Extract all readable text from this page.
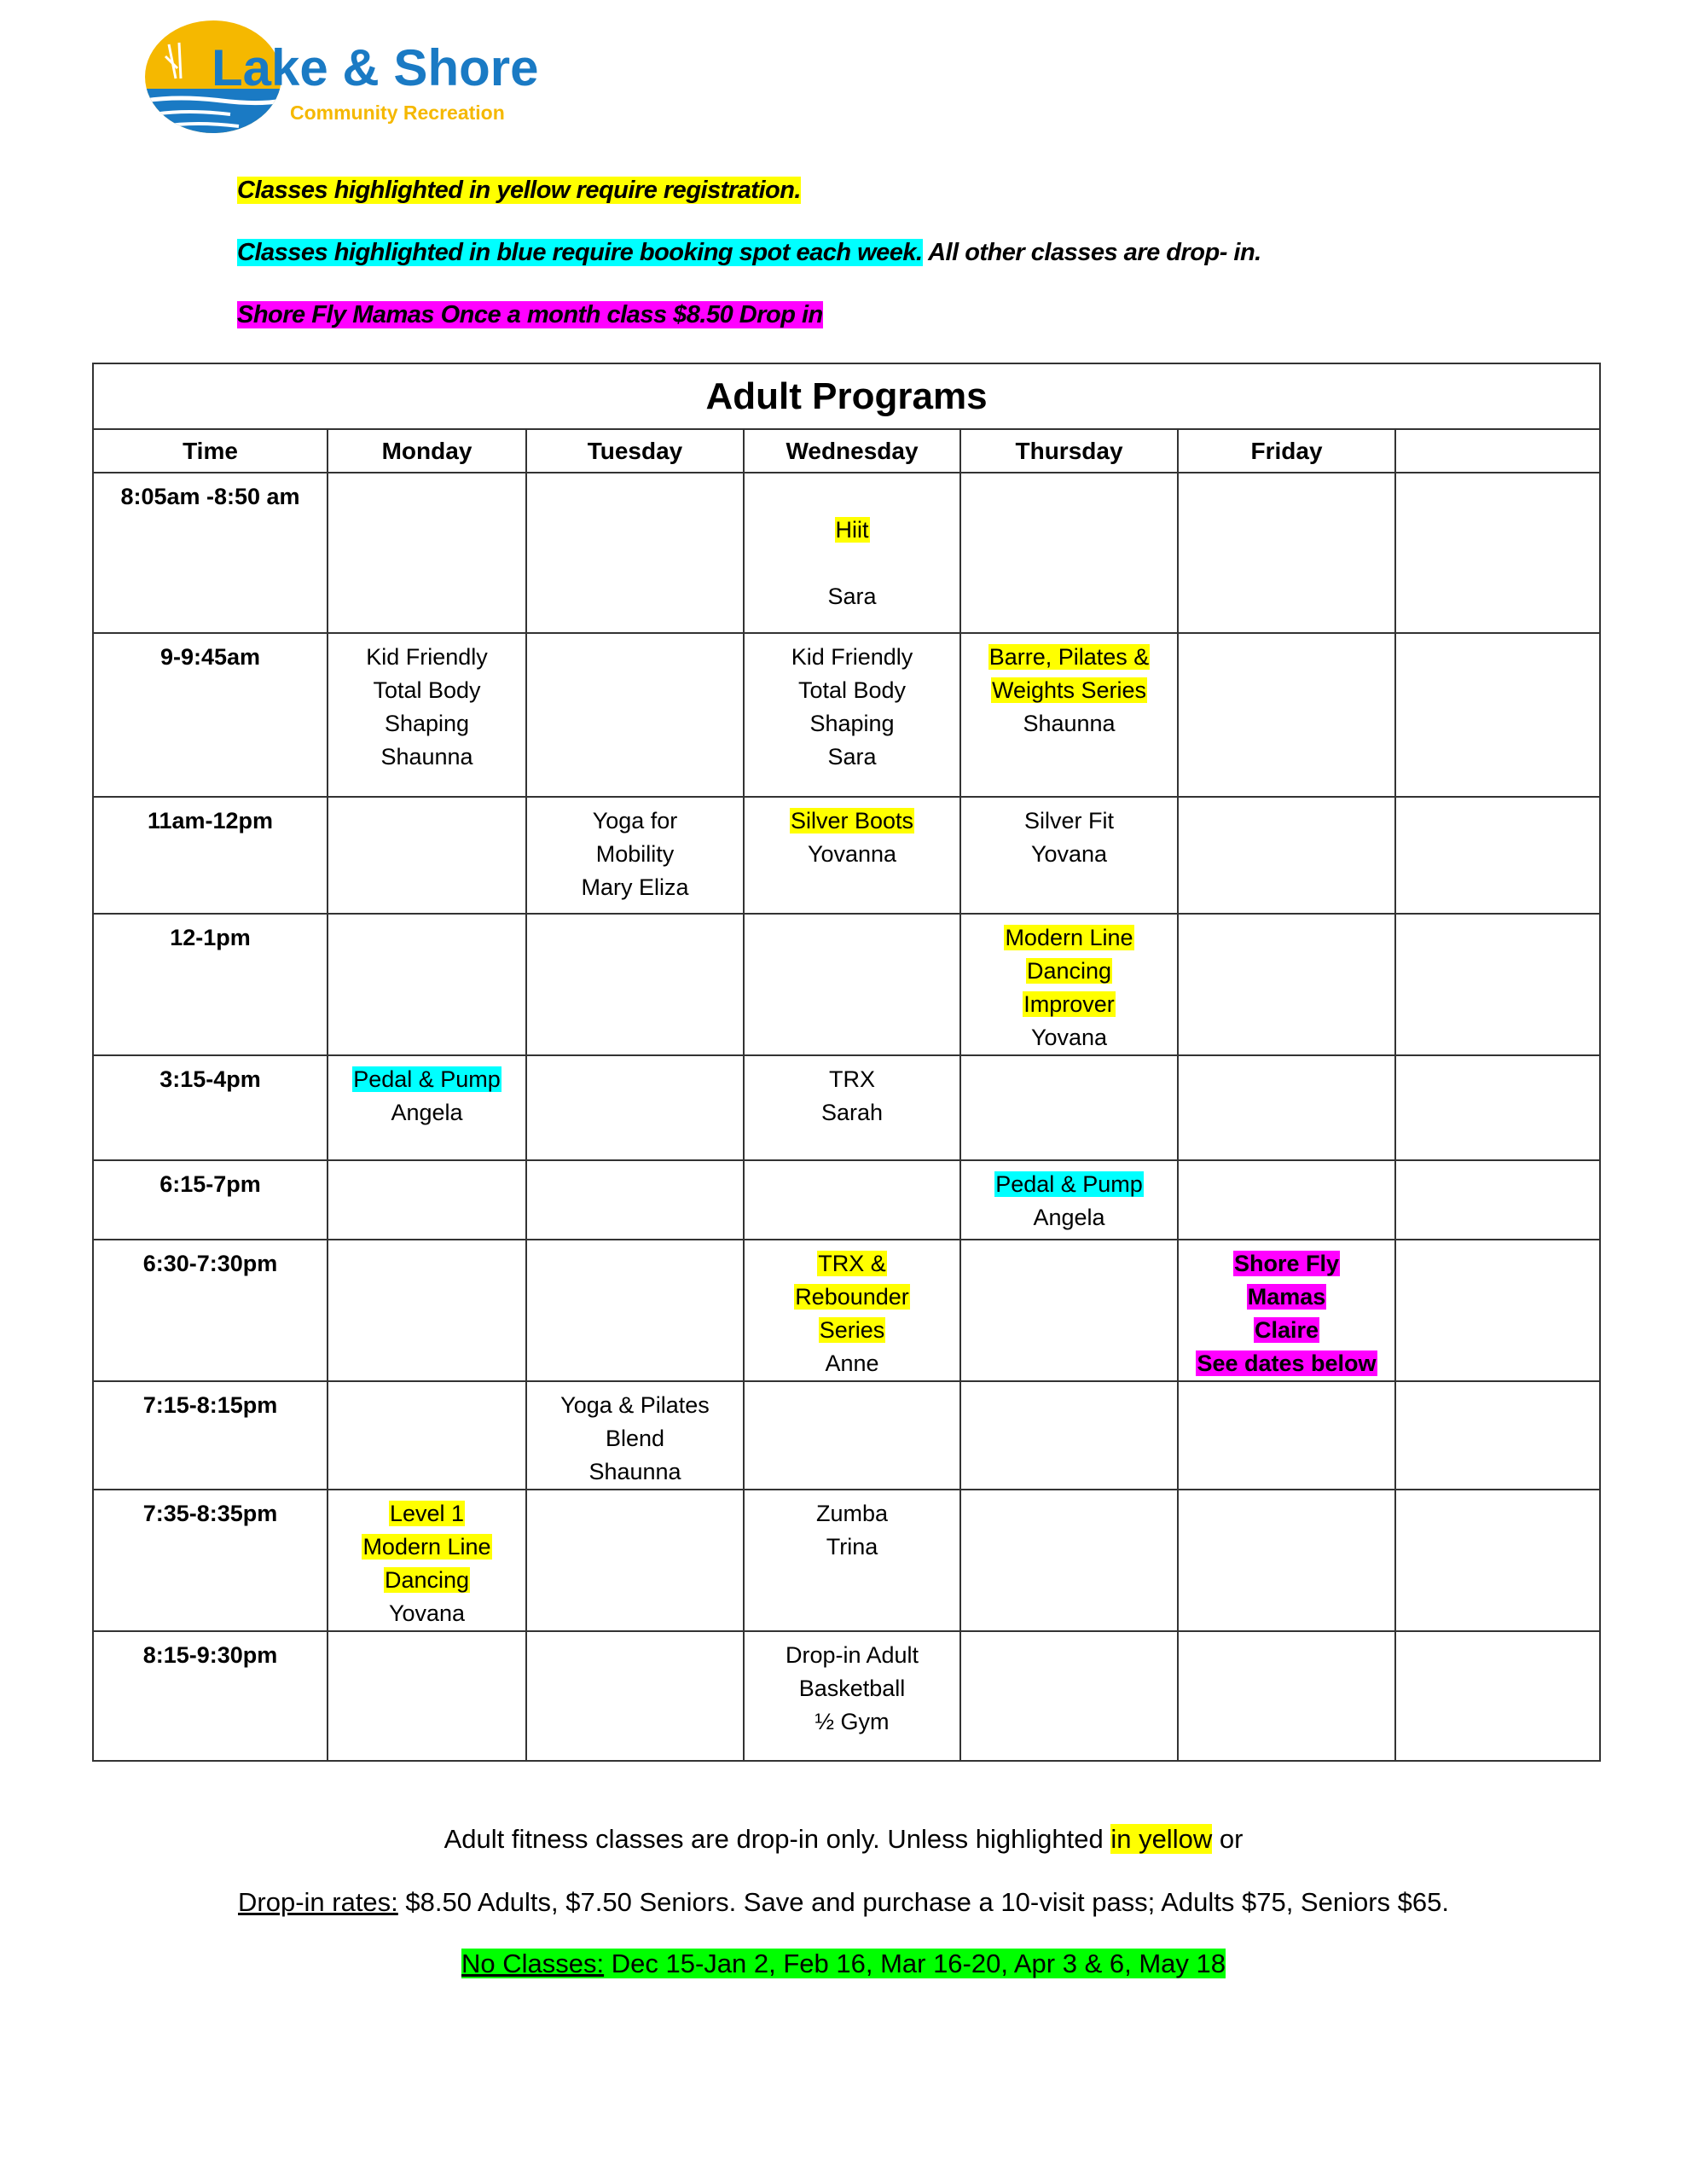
Lake & Shore
Community Recreation
Classes highlighted in yellow require registration.
Classes highlighted in blue require booking spot each week. All other classes are drop- in.
Shore Fly Mamas Once a month class $8.50 Drop in
Adult Programs							
Time	Monday	Tuesday	Wednesday	Thursday	Friday		
8:05am -8:50 am			Hiit
Sara				

9-9:45am	Kid Friendly
Total Body
Shaping
Shaunna		Kid Friendly
Total Body
Shaping
Sara	Barre, Pilates &
Weights Series
Shaunna			

11am-12pm		Yoga for
Mobility
Mary Eliza	Silver Boots
Yovanna	Silver Fit
Yovana			

12-1pm				Modern Line
Dancing
Improver
Yovana			

3:15-4pm	Pedal & Pump
Angela		TRX
Sarah				

6:15-7pm				Pedal & Pump
Angela			

6:30-7:30pm			TRX &
Rebounder
Series
Anne		Shore Fly
Mamas
Claire
See dates below		

7:15-8:15pm		Yoga & Pilates
Blend
Shaunna					

7:35-8:35pm	Level 1
Modern Line
Dancing
Yovana		Zumba
Trina				

8:15-9:30pm			Drop-in Adult
Basketball
½ Gym				

Adult fitness classes are drop-in only. Unless highlighted in yellow or
Drop-in rates: $8.50 Adults, $7.50 Seniors. Save and purchase a 10-visit pass; Adults $75, Seniors $65.
No Classes: Dec 15-Jan 2, Feb 16, Mar 16-20, Apr 3 & 6, May 18
